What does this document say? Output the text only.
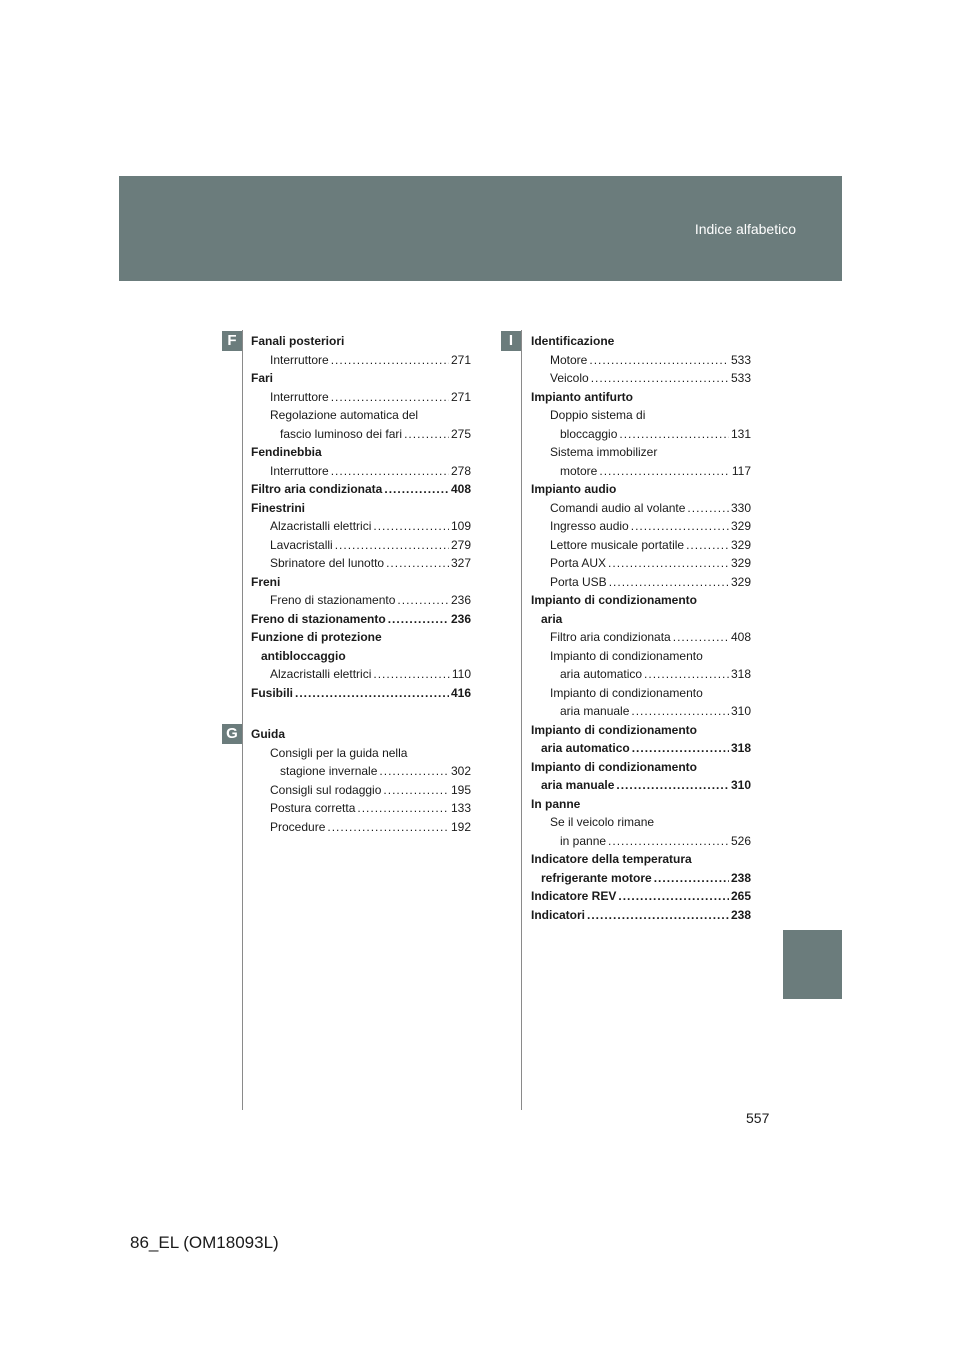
Indice alfabetico
F
G
I
Fanali posteriori
Interruttore .....	271
Fari
Interruttore .....	271
Regolazione automatica del
fascio luminoso dei fari .....	275
Fendinebbia
Interruttore .....	278
Filtro aria condizionata .....	408
Finestrini
Alzacristalli elettrici .....	109
Lavacristalli .....	279
Sbrinatore del lunotto .....	327
Freni
Freno di stazionamento .....	236
Freno di stazionamento .....	236
Funzione di protezione
antibloccaggio
Alzacristalli elettrici .....	110
Fusibili .....	416
Guida
Consigli per la guida nella
stagione invernale .....	302
Consigli sul rodaggio .....	195
Postura corretta .....	133
Procedure .....	192
Identificazione
Motore .....	533
Veicolo .....	533
Impianto antifurto
Doppio sistema di
bloccaggio .....	131
Sistema immobilizer
motore .....	117
Impianto audio
Comandi audio al volante .....	330
Ingresso audio .....	329
Lettore musicale portatile .....	329
Porta AUX .....	329
Porta USB .....	329
Impianto di condizionamento
aria
Filtro aria condizionata .....	408
Impianto di condizionamento
aria automatico .....	318
Impianto di condizionamento
aria manuale .....	310
Impianto di condizionamento
aria automatico .....	318
Impianto di condizionamento
aria manuale .....	310
In panne
Se il veicolo rimane
in panne .....	526
Indicatore della temperatura
refrigerante motore .....	238
Indicatore REV .....	265
Indicatori .....	238
557
86_EL (OM18093L)
